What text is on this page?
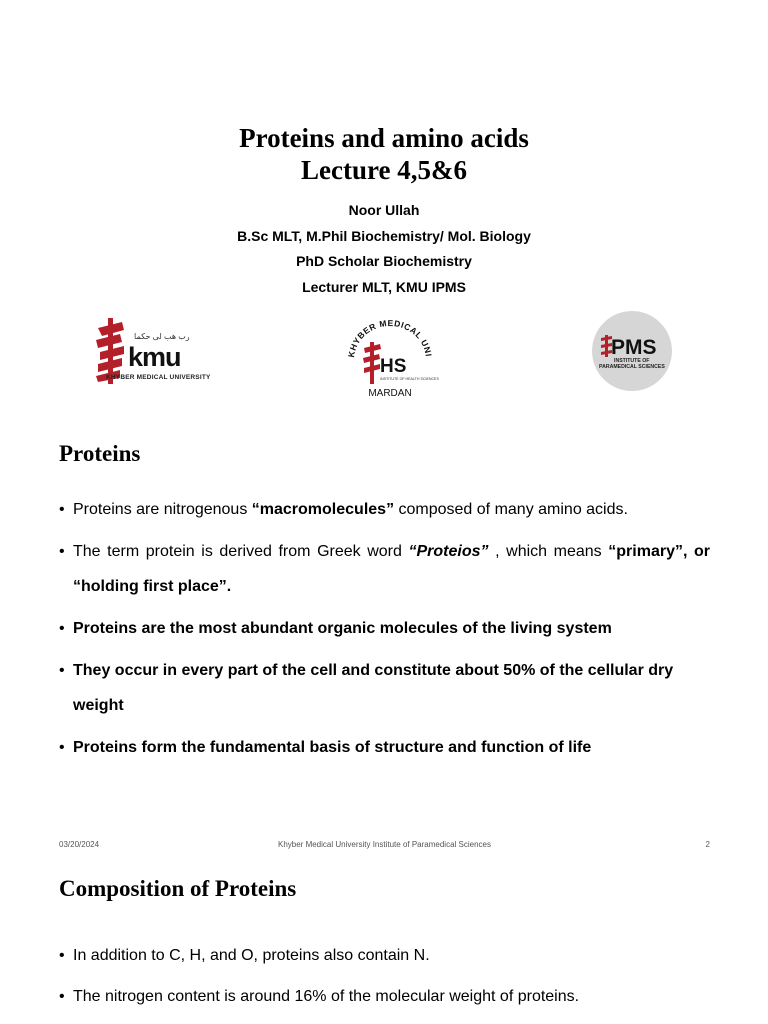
Proteins and amino acids
Lecture 4,5&6
Noor Ullah
B.Sc MLT, M.Phil Biochemistry/ Mol. Biology
PhD Scholar Biochemistry
Lecturer MLT, KMU IPMS
رب هب لی حکما
kmu
KHYBER MEDICAL UNIVERSITY
KHYBER MEDICAL UNI
HS
INSTITUTE OF HEALTH SCIENCES
MARDAN
PMS
INSTITUTE OF
PARAMEDICAL SCIENCES
Proteins
• Proteins are nitrogenous “macromolecules” composed of many amino acids.
• The term protein is derived from Greek word “Proteios” , which means “primary”, or “holding first place”.
• Proteins are the most abundant organic molecules of the living system
• They occur in every part of the cell and constitute about 50% of the cellular dry weight
• Proteins form the fundamental basis of structure and function of life
03/20/2024	Khyber Medical University Institute of Paramedical Sciences	2
Composition of Proteins
• In addition to C, H, and O, proteins also contain N.
• The nitrogen content is around 16% of the molecular weight of proteins.
